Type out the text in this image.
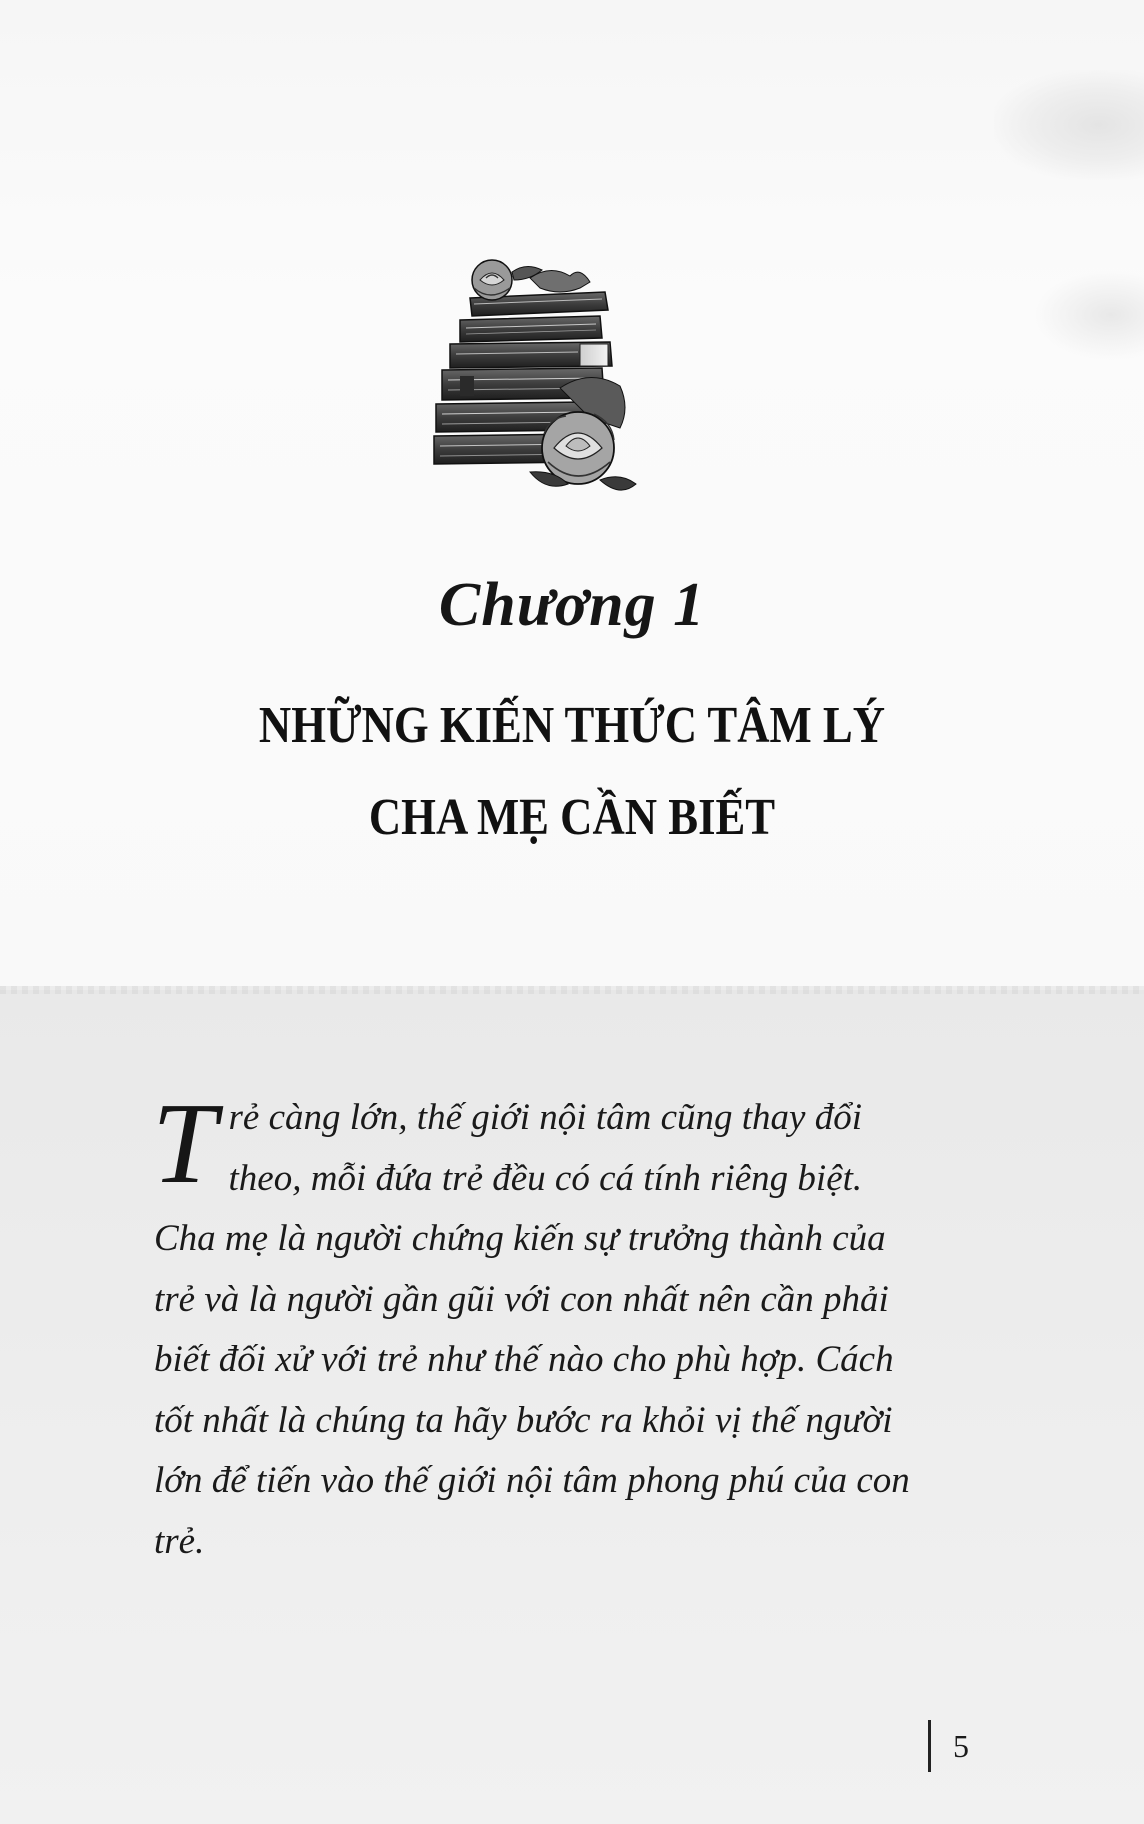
Chương 1
NHỮNG KIẾN THỨC TÂM LÝ
CHA MẸ CẦN BIẾT

Trẻ càng lớn, thế giới nội tâm cũng thay đổi theo, mỗi đứa trẻ đều có cá tính riêng biệt. Cha mẹ là người chứng kiến sự trưởng thành của trẻ và là người gần gũi với con nhất nên cần phải biết đối xử với trẻ như thế nào cho phù hợp. Cách tốt nhất là chúng ta hãy bước ra khỏi vị thế người lớn để tiến vào thế giới nội tâm phong phú của con trẻ.

5
